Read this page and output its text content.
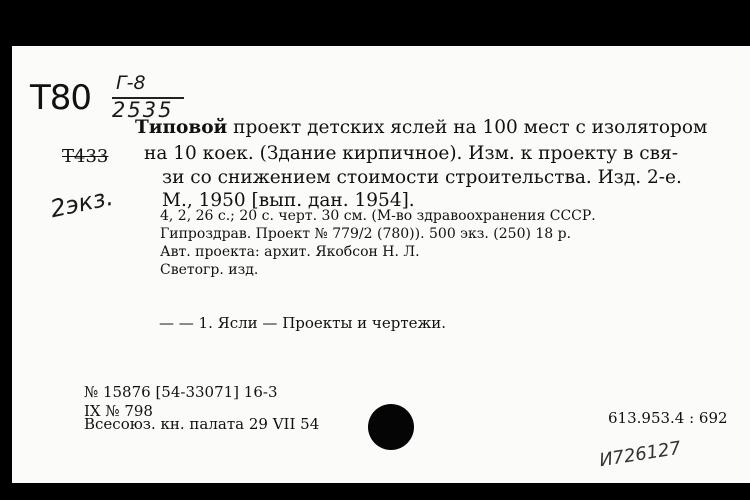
T80 Г-8
2535
Т433
2экз.
Типовой проект детских яслей на 100 мест с изолятором
на 10 коек. (Здание кирпичное). Изм. к проекту в свя-
зи со снижением стоимости строительства. Изд. 2-е.
М., 1950 [вып. дан. 1954].
4, 2, 26 с.; 20 с. черт. 30 см. (М-во здравоохранения СССР.
Гипроздрав. Проект № 779/2 (780)). 500 экз. (250) 18 р.
Авт. проекта: архит. Якобсон Н. Л.
Светогр. изд.
— — 1. Ясли — Проекты и чертежи.
№ 15876 [54-33071] 16-3
IX № 798
Всесоюз. кн. палата 29 VII 54	613.953.4 : 692
И726127
